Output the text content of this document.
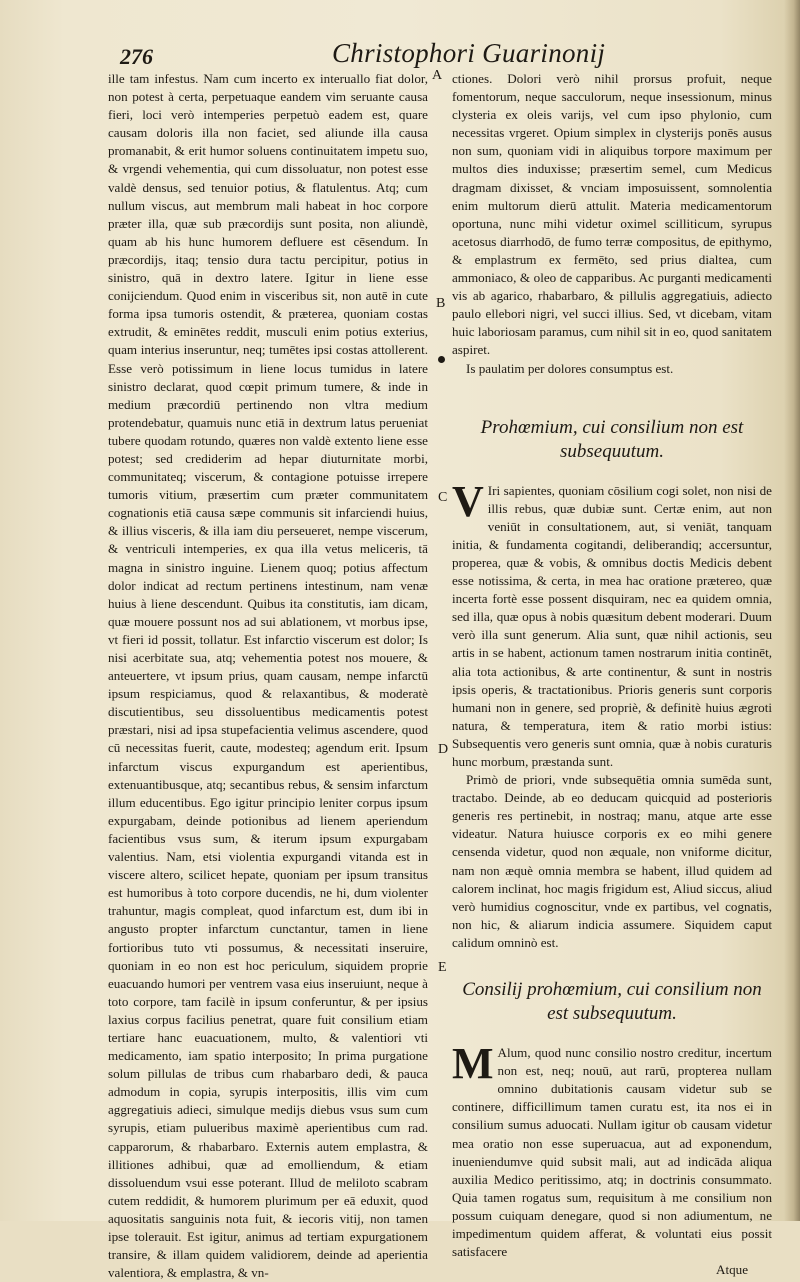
276	Christophori Guarinonij
A
B
C
D
E

ille tam infestus. Nam cum incerto ex interuallo fiat dolor, non potest à certa, perpetuaque eandem vim seruante causa fieri, loci verò intemperies perpetuò eadem est, quare causam doloris illa non faciet, sed aliunde illa causa promanabit, & erit humor soluens continuitatem impetu suo, & vrgendi vehementia, qui cum dissoluatur, non potest esse valdè densus, sed tenuior potius, & flatulentus. Atq; cum nullum viscus, aut membrum mali habeat in hoc corpore præter illa, quæ sub præcordijs sunt posita, non aliundè, quam ab his hunc humorem defluere est cēsendum. In præcordijs, itaq; tensio dura tactu percipitur, potius in sinistro, quā in dextro latere. Igitur in liene esse conijciendum. Quod enim in visceribus sit, non autē in cute forma ipsa tumoris ostendit, & præterea, quoniam costas extrudit, & eminētes reddit, musculi enim potius exterius, quam interius inseruntur, neq; tumētes ipsi costas attollerent. Esse verò potissimum in liene locus tumidus in latere sinistro declarat, quod cœpit primum tumere, & inde in medium præcordiū pertinendo non vltra medium protendebatur, quamuis nunc etiā in dextrum latus perueniat tubere quodam rotundo, quæres non valdè extento liene esse potest; sed crediderim ad hepar diuturnitate morbi, communitateq; viscerum, & contagione potuisse irrepere tumoris vitium, præsertim cum præter communitatem cognationis etiā causa sæpe communis sit infarciendi huius, & illius visceris, & illa iam diu perseueret, nempe viscerum, & ventriculi intemperies, ex qua illa vetus meliceris, tā magna in sinistro inguine. Lienem quoq; potius affectum dolor indicat ad rectum pertinens intestinum, nam venæ huius à liene descendunt. Quibus ita constitutis, iam dicam, quæ mouere possunt nos ad sui ablationem, vt morbus ipse, vt fieri id possit, tollatur. Est infarctio viscerum est dolor; Is nisi acerbitate sua, atq; vehementia potest nos mouere, & anteuertere, vt ipsum prius, quam causam, nempe infarctū ipsum respiciamus, quod & relaxantibus, & moderatè discutientibus, seu dissoluentibus medicamentis potest præstari, nisi ad ipsa stupefacientia velimus ascendere, quod cū necessitas fuerit, caute, modesteq; agendum erit. Ipsum infarctum viscus expurgandum est aperientibus, extenuantibusque, atq; secantibus rebus, & sensim infarctum illum educentibus. Ego igitur principio leniter corpus ipsum expurgabam, deinde potionibus ad lienem aperiendum facientibus vsus sum, & iterum ipsum expurgabam valentius. Nam, etsi violentia expurgandi vitanda est in viscere altero, scilicet hepate, quoniam per ipsum transitus est humoribus à toto corpore ducendis, ne hi, dum violenter trahuntur, magis compleat, quod infarctum est, dum ibi in angusto propter infarctum cunctantur, tamen in liene fortioribus tuto vti possumus, & necessitati inseruire, quoniam in eo non est hoc periculum, siquidem proprie euacuando humori per ventrem vasa eius inseruiunt, neque à toto corpore, tam facilè in ipsum conferuntur, & per ipsius laxius corpus facilius penetrat, quare fuit consilium etiam tertiare hanc euacuationem, multo, & valentiori vti medicamento, iam spatio interposito; In prima purgatione solum pillulas de tribus cum rhabarbaro dedi, & pauca admodum in copia, syrupis interpositis, illis vim cum aggregatiuis adieci, simulque medijs diebus vsus sum cum syrupis, etiam pulueribus maximè aperientibus cum rad. capparorum, & rhabarbaro. Externis autem emplastra, & illitiones adhibui, quæ ad emolliendum, & etiam dissoluendum vsui esse poterant. Illud de meliloto scabram cutem reddidit, & humorem plurimum per eā eduxit, quod aquositatis sanguinis nota fuit, & iecoris vitij, non tamen ipse tolerauit. Est igitur, animus ad tertiam expurgationem transire, & illam quidem validiorem, deinde ad aperientia valentiora, & emplastra, & vn-

ctiones. Dolori verò nihil prorsus profuit, neque fomentorum, neque sacculorum, neque insessionum, minus clysteria ex oleis varijs, vel cum ipso phylonio, cum necessitas vrgeret. Opium simplex in clysterijs ponēs ausus non sum, quoniam vidi in aliquibus torpore maximum per multos dies induxisse; præsertim semel, cum Medicus dragmam dixisset, & vnciam imposuissent, somnolentia enim multorum dierū attulit. Materia medicamentorum oportuna, nunc mihi videtur oximel scilliticum, syrupus acetosus diarrhodō, de fumo terræ compositus, de epithymo, & emplastrum ex fermēto, sed prius dialtea, cum ammoniaco, & oleo de capparibus. Ac purganti medicamenti vis ab agarico, rhabarbaro, & pillulis aggregatiuis, adiecto paulo ellebori nigri, vel succi illius. Sed, vt dicebam, vitam huic laboriosam paramus, cum nihil sit in eo, quod sanitatem aspiret.

Is paulatim per dolores consumptus est.

Prohœmium, cui consilium non est subsequutum.

V Iri sapientes, quoniam cōsilium cogi solet, non nisi de illis rebus, quæ dubiæ sunt. Certæ enim, aut non veniūt in consultationem, aut, si veniāt, tanquam initia, & fundamenta cogitandi, deliberandiq; accersuntur, properea, quæ & vobis, & omnibus doctis Medicis debent esse notissima, & certa, in mea hac oratione prætereo, quæ incerta fortè esse possent disquiram, nec ea quidem omnia, sed illa, quæ opus à nobis quæsitum debent moderari. Duum verò illa sunt generum. Alia sunt, quæ nihil actionis, seu artis in se habent, actionum tamen nostrarum initia continēt, alia tota actionibus, & arte continentur, & sunt in nostris ipsis operis, & tractationibus. Prioris generis sunt corporis humani non in genere, sed propriè, & definitè huius ægroti natura, & temperatura, item & ratio morbi istius: Subsequentis vero generis sunt omnia, quæ à nobis curaturis hunc morbum, præstanda sunt.

Primò de priori, vnde subsequētia omnia sumēda sunt, tractabo. Deinde, ab eo deducam quicquid ad posterioris generis res pertinebit, in nostraq; manu, atque arte esse videatur. Natura huiusce corporis ex eo mihi genere censenda videtur, quod non æquale, non vniforme dicitur, nam non æquè omnia membra se habent, illud quidem ad calorem inclinat, hoc magis frigidum est, Aliud siccus, aliud verò humidius cognoscitur, vnde ex partibus, vel cognatis, non hic, & aliarum indicia assumere. Siquidem caput calidum omninò est.

Consilij prohœmium, cui consilium non est subsequutum.

M Alum, quod nunc consilio nostro creditur, incertum non est, neq; nouū, aut rarū, propterea nullam omnino dubitationis causam videtur sub se continere, difficillimum tamen curatu est, ita nos ei in consilium sumus aduocati. Nullam igitur ob causam videtur mea oratio non esse superuacua, aut ad exponendum, inueniendumve quid subsit mali, aut ad indicāda aliqua auxilia Medico peritissimo, atq; in doctrinis consummato. Quia tamen rogatus sum, requisitum à me consilium non possum cuiquam denegare, quod si non adiumentum, ne impedimentum quidem afferat, & voluntati eius possit satisfacere

Atque
